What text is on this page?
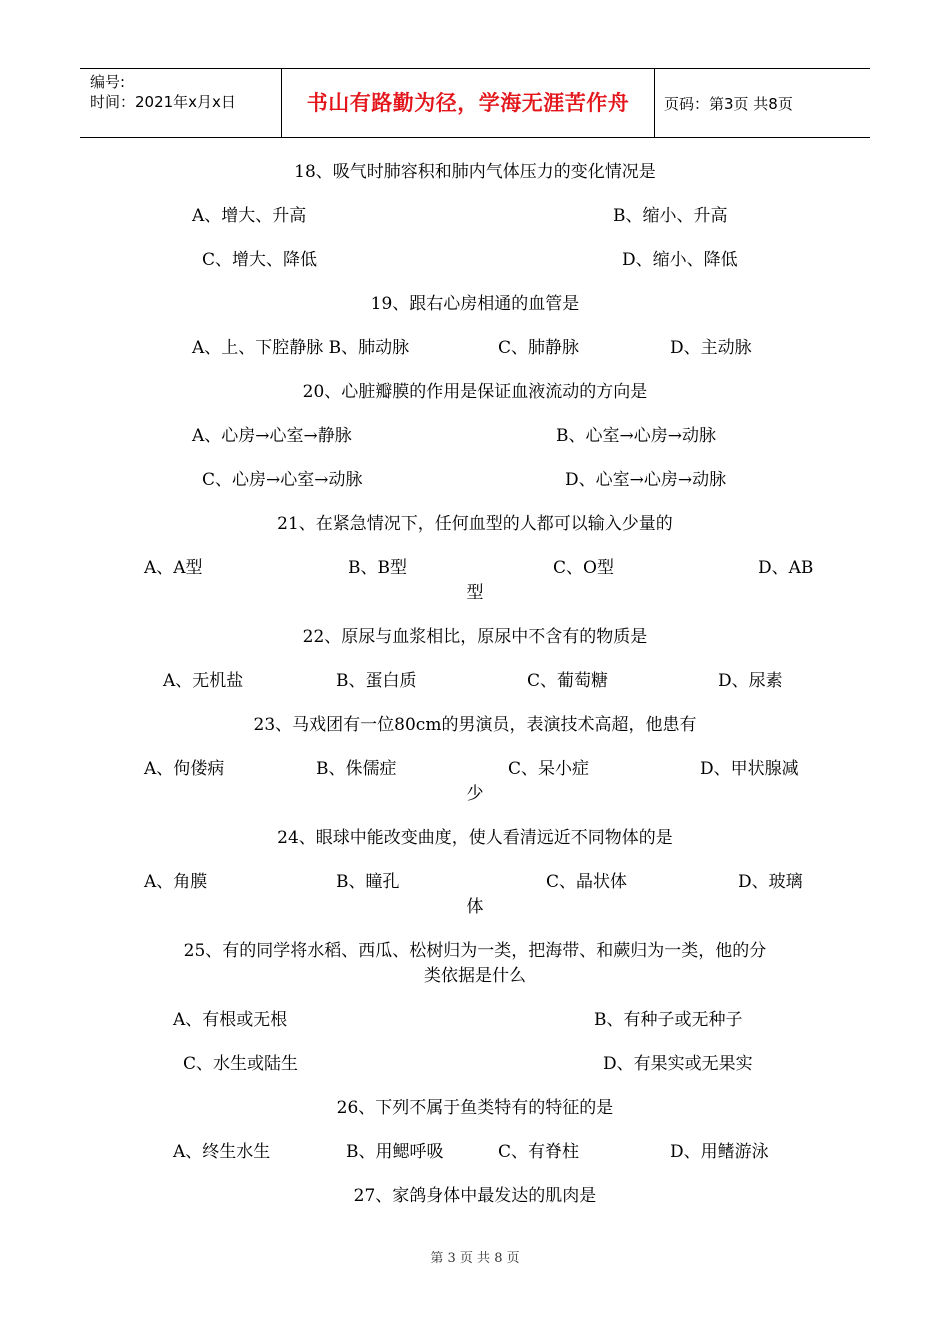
编号:
时间：2021年x月x日	书山有路勤为径，学海无涯苦作舟	页码：第3页 共8页
18、吸气时肺容积和肺内气体压力的变化情况是
A、增大、升高	B、缩小、升高
C、增大、降低	D、缩小、降低
19、跟右心房相通的血管是
A、上、下腔静脉 B、肺动脉	C、肺静脉	D、主动脉
20、心脏瓣膜的作用是保证血液流动的方向是
A、心房→心室→静脉	B、心室→心房→动脉
C、心房→心室→动脉	D、心室→心房→动脉
21、在紧急情况下，任何血型的人都可以输入少量的
A、A型	B、B型	C、O型	D、AB
型
22、原尿与血浆相比，原尿中不含有的物质是
A、无机盐	B、蛋白质	C、葡萄糖	D、尿素
23、马戏团有一位80cm的男演员，表演技术高超，他患有
A、佝偻病	B、侏儒症	C、呆小症	D、甲状腺减
少
24、眼球中能改变曲度，使人看清远近不同物体的是
A、角膜	B、瞳孔	C、晶状体	D、玻璃
体
25、有的同学将水稻、西瓜、松树归为一类，把海带、和蕨归为一类，他的分
类依据是什么
A、有根或无根	B、有种子或无种子
C、水生或陆生	D、有果实或无果实
26、下列不属于鱼类特有的特征的是
A、终生水生	B、用鳃呼吸	C、有脊柱	D、用鳍游泳
27、家鸽身体中最发达的肌肉是
第 3 页 共 8 页
